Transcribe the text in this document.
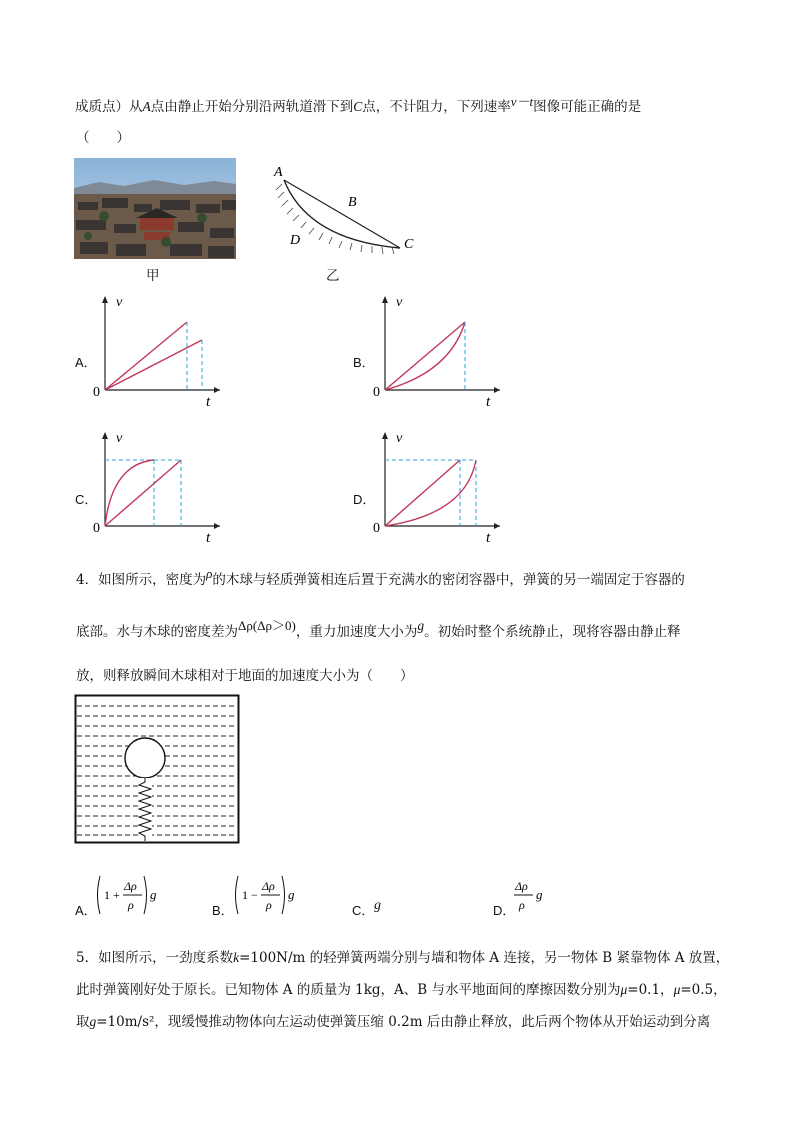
成质点）从A点由静止开始分别沿两轨道滑下到C点，不计阻力，下列速率v－t图像可能正确的是
（　　）
甲
A
B
C
D
乙
A．
v
0
t
B．
v
0
t
C．
v
0
t
D．
v
0
t
4．如图所示，密度为ρ的木球与轻质弹簧相连后置于充满水的密闭容器中，弹簧的另一端固定于容器的
底部。水与木球的密度差为Δρ(Δρ＞0)，重力加速度大小为g。初始时整个系统静止，现将容器由静止释
放，则释放瞬间木球相对于地面的加速度大小为（　　）
A．
1 +
Δρ
ρ
g
B．
1 −
Δρ
ρ
g
C． g	D．
Δρ
ρ
g
5．如图所示，一劲度系数k=100N/m 的轻弹簧两端分别与墙和物体 A 连接，另一物体 B 紧靠物体 A 放置，
此时弹簧刚好处于原长。已知物体 A 的质量为 1kg，A、B 与水平地面间的摩擦因数分别为μ=0.1，μ=0.5，
取g=10m/s²，现缓慢推动物体向左运动使弹簧压缩 0.2m 后由静止释放，此后两个物体从开始运动到分离
